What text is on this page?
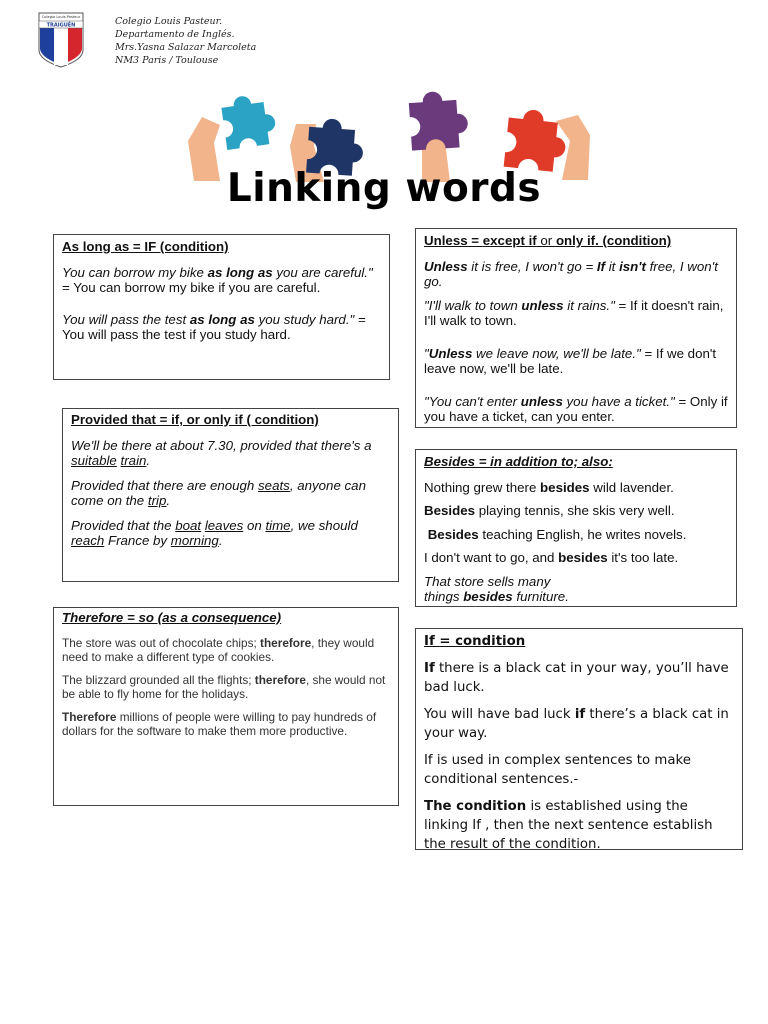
Colegio Louis Pasteur
TRAIGUÉN	Colegio Louis Pasteur.
Departamento de Inglés.
Mrs.Yasna Salazar Marcoleta
NM3 Paris / Toulouse
Linking words
As long as = IF (condition)

You can borrow my bike as long as you are careful." = You can borrow my bike if you are careful.

You will pass the test as long as you study hard." = You will pass the test if you study hard.

Unless = except if or only if. (condition)

Unless it is free, I won't go = If it isn't free, I won't go.

"I'll walk to town unless it rains." = If it doesn't rain, I'll walk to town.

"Unless we leave now, we'll be late." = If we don't leave now, we'll be late.

"You can't enter unless you have a ticket." = Only if you have a ticket, can you enter.

Provided that = if, or only if ( condition)

We'll be there at about 7.30, provided that there's a suitable train.

Provided that there are enough seats, anyone can come on the trip.

Provided that the boat leaves on time, we should reach France by morning.

Besides = in addition to; also:

Nothing grew there besides wild lavender.

Besides playing tennis, she skis very well.

Besides teaching English, he writes novels.

I don't want to go, and besides it's too late.

That store sells many things besides furniture.

Therefore = so (as a consequence)

The store was out of chocolate chips; therefore, they would need to make a different type of cookies.

The blizzard grounded all the flights; therefore, she would not be able to fly home for the holidays.

Therefore millions of people were willing to pay hundreds of dollars for the software to make them more productive.

If = condition

If there is a black cat in your way, you’ll have bad luck.

You will have bad luck if there’s a black cat in your way.

If is used in complex sentences to make conditional sentences.-

The condition is established using the linking If , then the next sentence establish the result of the condition.
